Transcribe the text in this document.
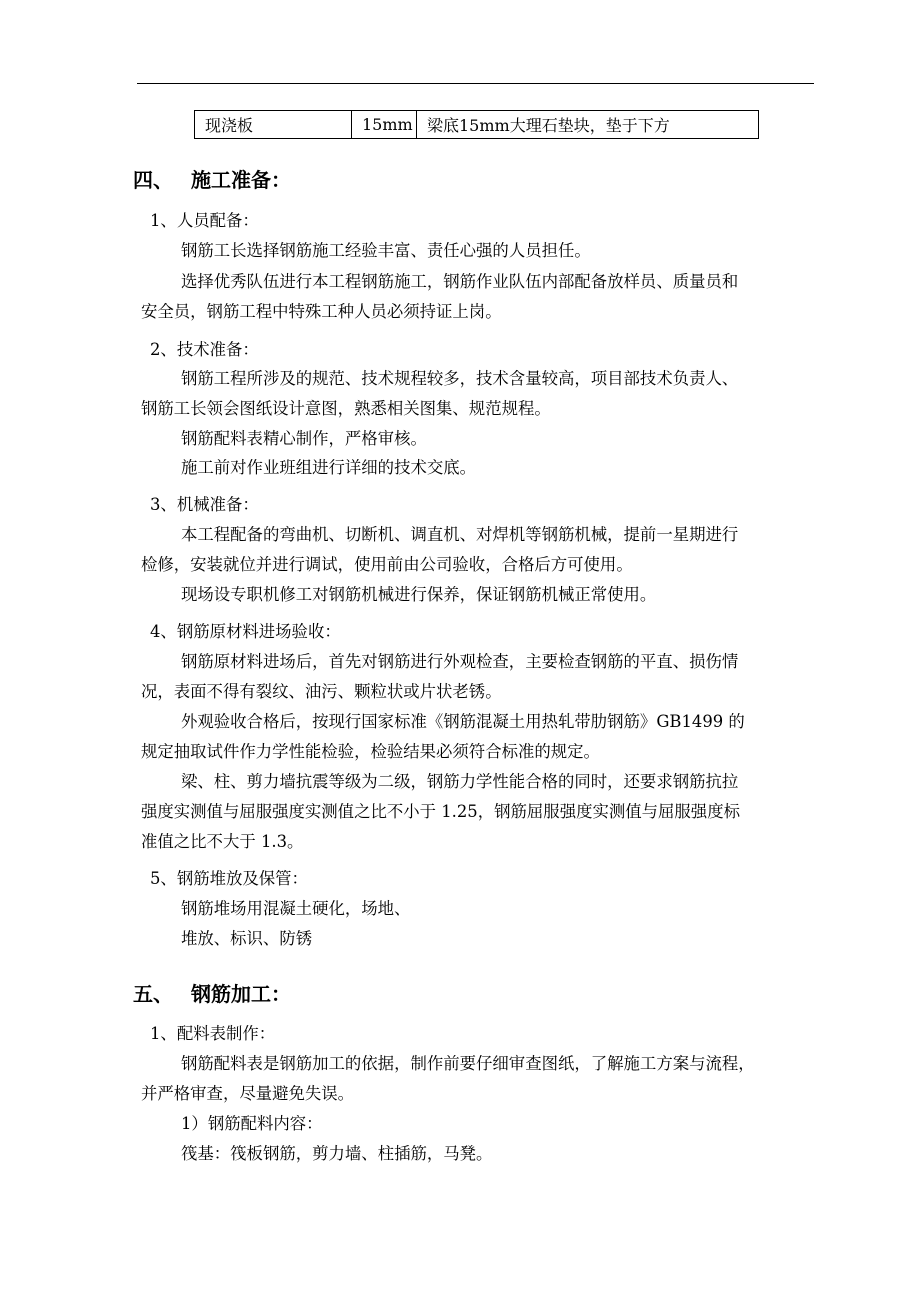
现浇板	15mm	梁底15mm大理石垫块，垫于下方
四、 施工准备：
1、人员配备：
钢筋工长选择钢筋施工经验丰富、责任心强的人员担任。
选择优秀队伍进行本工程钢筋施工，钢筋作业队伍内部配备放样员、质量员和
安全员，钢筋工程中特殊工种人员必须持证上岗。
2、技术准备：
钢筋工程所涉及的规范、技术规程较多，技术含量较高，项目部技术负责人、
钢筋工长领会图纸设计意图，熟悉相关图集、规范规程。
钢筋配料表精心制作，严格审核。
施工前对作业班组进行详细的技术交底。
3、机械准备：
本工程配备的弯曲机、切断机、调直机、对焊机等钢筋机械，提前一星期进行
检修，安装就位并进行调试，使用前由公司验收，合格后方可使用。
现场设专职机修工对钢筋机械进行保养，保证钢筋机械正常使用。
4、钢筋原材料进场验收：
钢筋原材料进场后，首先对钢筋进行外观检查，主要检查钢筋的平直、损伤情
况，表面不得有裂纹、油污、颗粒状或片状老锈。
外观验收合格后，按现行国家标准《钢筋混凝土用热轧带肋钢筋》GB1499 的
规定抽取试件作力学性能检验，检验结果必须符合标准的规定。
梁、柱、剪力墙抗震等级为二级，钢筋力学性能合格的同时，还要求钢筋抗拉
强度实测值与屈服强度实测值之比不小于 1.25，钢筋屈服强度实测值与屈服强度标
准值之比不大于 1.3。
5、钢筋堆放及保管：
钢筋堆场用混凝土硬化，场地、
堆放、标识、防锈
五、 钢筋加工：
1、配料表制作：
钢筋配料表是钢筋加工的依据，制作前要仔细审查图纸，了解施工方案与流程，
并严格审查，尽量避免失误。
1）钢筋配料内容：
筏基：筏板钢筋，剪力墙、柱插筋，马凳。
